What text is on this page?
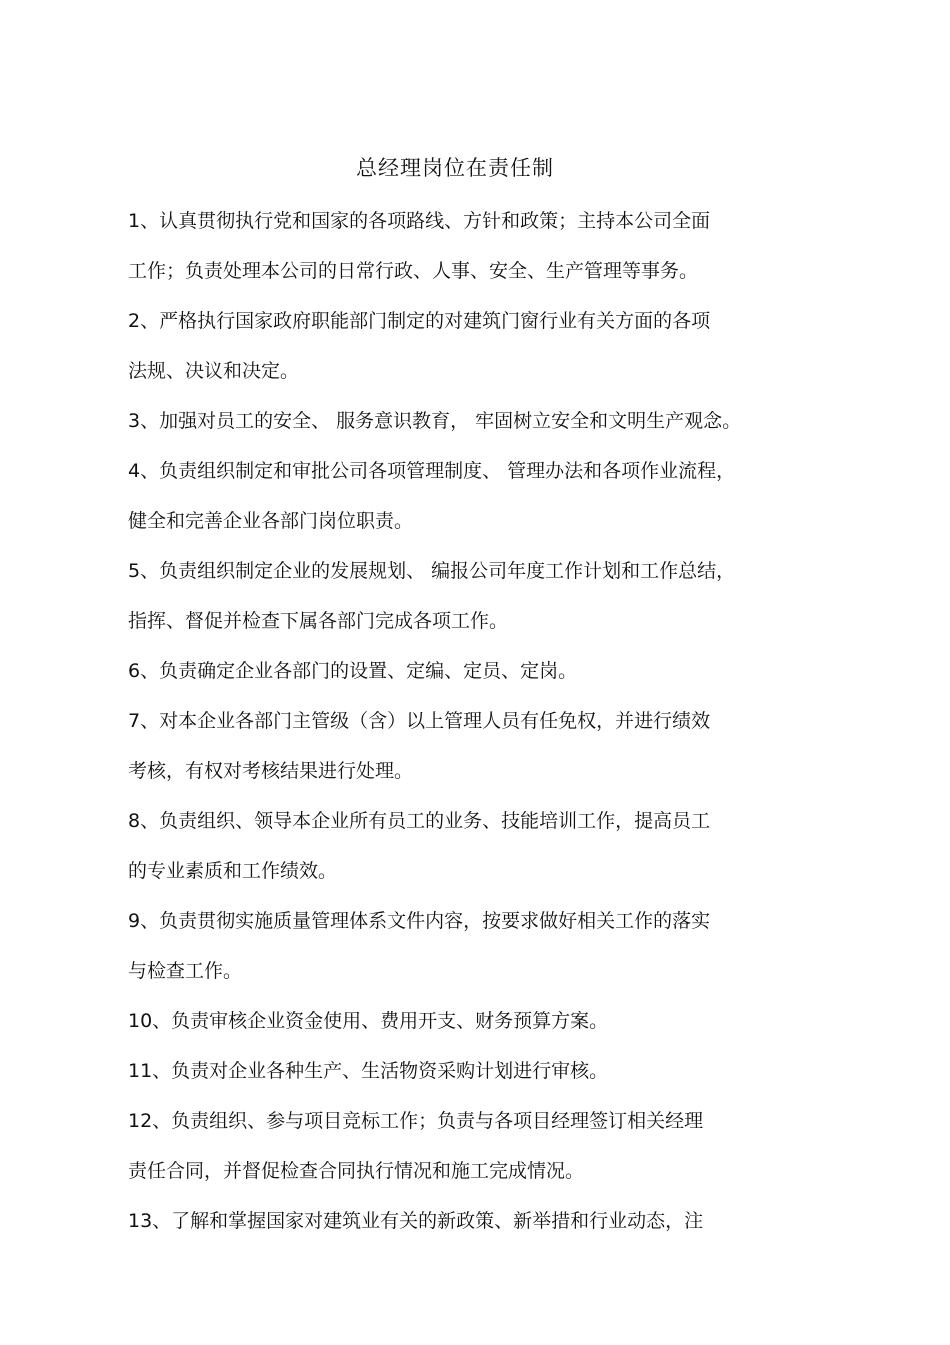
总经理岗位在责任制
1、认真贯彻执行党和国家的各项路线、方针和政策；主持本公司全面
工作；负责处理本公司的日常行政、人事、安全、生产管理等事务。
2、严格执行国家政府职能部门制定的对建筑门窗行业有关方面的各项
法规、决议和决定。
3、加强对员工的安全、 服务意识教育， 牢固树立安全和文明生产观念。
4、负责组织制定和审批公司各项管理制度、 管理办法和各项作业流程，
健全和完善企业各部门岗位职责。
5、负责组织制定企业的发展规划、 编报公司年度工作计划和工作总结，
指挥、督促并检查下属各部门完成各项工作。
6、负责确定企业各部门的设置、定编、定员、定岗。
7、对本企业各部门主管级（含）以上管理人员有任免权，并进行绩效
考核，有权对考核结果进行处理。
8、负责组织、领导本企业所有员工的业务、技能培训工作，提高员工
的专业素质和工作绩效。
9、负责贯彻实施质量管理体系文件内容，按要求做好相关工作的落实
与检查工作。
10、负责审核企业资金使用、费用开支、财务预算方案。
11、负责对企业各种生产、生活物资采购计划进行审核。
12、负责组织、参与项目竞标工作；负责与各项目经理签订相关经理
责任合同，并督促检查合同执行情况和施工完成情况。
13、了解和掌握国家对建筑业有关的新政策、新举措和行业动态，注
